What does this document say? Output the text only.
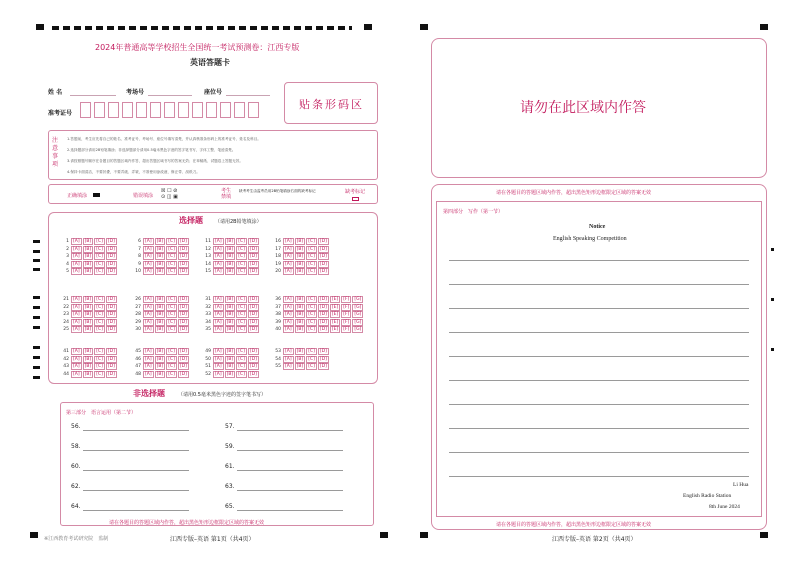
2024年普通高等学校招生全国统一考试预测卷：江西专版
英语答题卡
姓 名	考场号	座位号
准考证号
贴条形码区
注意事项
1.答题前，考生应先将自己的姓名、准考证号、考场号、座位号填写清楚，并认真核准条形码上的准考证号、姓名及科目。
2.选择题部分请用2B铅笔填涂；非选择题部分请用0.5毫米黑色字迹的签字笔书写，字体工整、笔迹清楚。
3.请按照题号顺序在各题目的答题区域内作答，超出答题区域书写的答案无效；在草稿纸、试题卷上答题无效。
4.保持卡面清洁，不要折叠，不要弄破、弄皱，不准使用涂改液、修正带、刮纸刀。
正确填涂	错误填涂
☒ ☐ ⊘
⊙ ◫ ▣
考生禁填
缺考考生由监考员用2B铅笔填涂右面的缺考标记	缺考标记
选择题 （请用2B铅笔填涂）
1 [A] [B] [C] [D]
2 [A] [B] [C] [D]
3 [A] [B] [C] [D]
4 [A] [B] [C] [D]
5 [A] [B] [C] [D]
6 [A] [B] [C] [D]
7 [A] [B] [C] [D]
8 [A] [B] [C] [D]
9 [A] [B] [C] [D]
10 [A] [B] [C] [D]
11 [A] [B] [C] [D]
12 [A] [B] [C] [D]
13 [A] [B] [C] [D]
14 [A] [B] [C] [D]
15 [A] [B] [C] [D]
16 [A] [B] [C] [D]
17 [A] [B] [C] [D]
18 [A] [B] [C] [D]
19 [A] [B] [C] [D]
20 [A] [B] [C] [D]
21 [A] [B] [C] [D]
22 [A] [B] [C] [D]
23 [A] [B] [C] [D]
24 [A] [B] [C] [D]
25 [A] [B] [C] [D]
26 [A] [B] [C] [D]
27 [A] [B] [C] [D]
28 [A] [B] [C] [D]
29 [A] [B] [C] [D]
30 [A] [B] [C] [D]
31 [A] [B] [C] [D]
32 [A] [B] [C] [D]
33 [A] [B] [C] [D]
34 [A] [B] [C] [D]
35 [A] [B] [C] [D]
36 [A] [B] [C] [D] [E] [F] [G]
37 [A] [B] [C] [D] [E] [F] [G]
38 [A] [B] [C] [D] [E] [F] [G]
39 [A] [B] [C] [D] [E] [F] [G]
40 [A] [B] [C] [D] [E] [F] [G]
41 [A] [B] [C] [D]
42 [A] [B] [C] [D]
43 [A] [B] [C] [D]
44 [A] [B] [C] [D]
45 [A] [B] [C] [D]
46 [A] [B] [C] [D]
47 [A] [B] [C] [D]
48 [A] [B] [C] [D]
49 [A] [B] [C] [D]
50 [A] [B] [C] [D]
51 [A] [B] [C] [D]
52 [A] [B] [C] [D]
53 [A] [B] [C] [D]
54 [A] [B] [C] [D]
55 [A] [B] [C] [D]
非选择题	（请用0.5毫米黑色字迹的签字笔书写）
第三部分　语言运用（第二节）
56.	57.
58.	59.
60.	61.
62.	63.
64.	65.
请在各题目的答题区域内作答，超出黑色矩形边框限定区域的答案无效
※江西教育考试研究院　监制	江西专版–英语 第1页（共4页）
请勿在此区域内作答
请在各题目的答题区域内作答，超出黑色矩形边框限定区域的答案无效
第四部分　写作（第一节）
Notice
English Speaking Competition
Li Hua
English Radio Station
8th June 2024
请在各题目的答题区域内作答，超出黑色矩形边框限定区域的答案无效
江西专版–英语 第2页（共4页）
